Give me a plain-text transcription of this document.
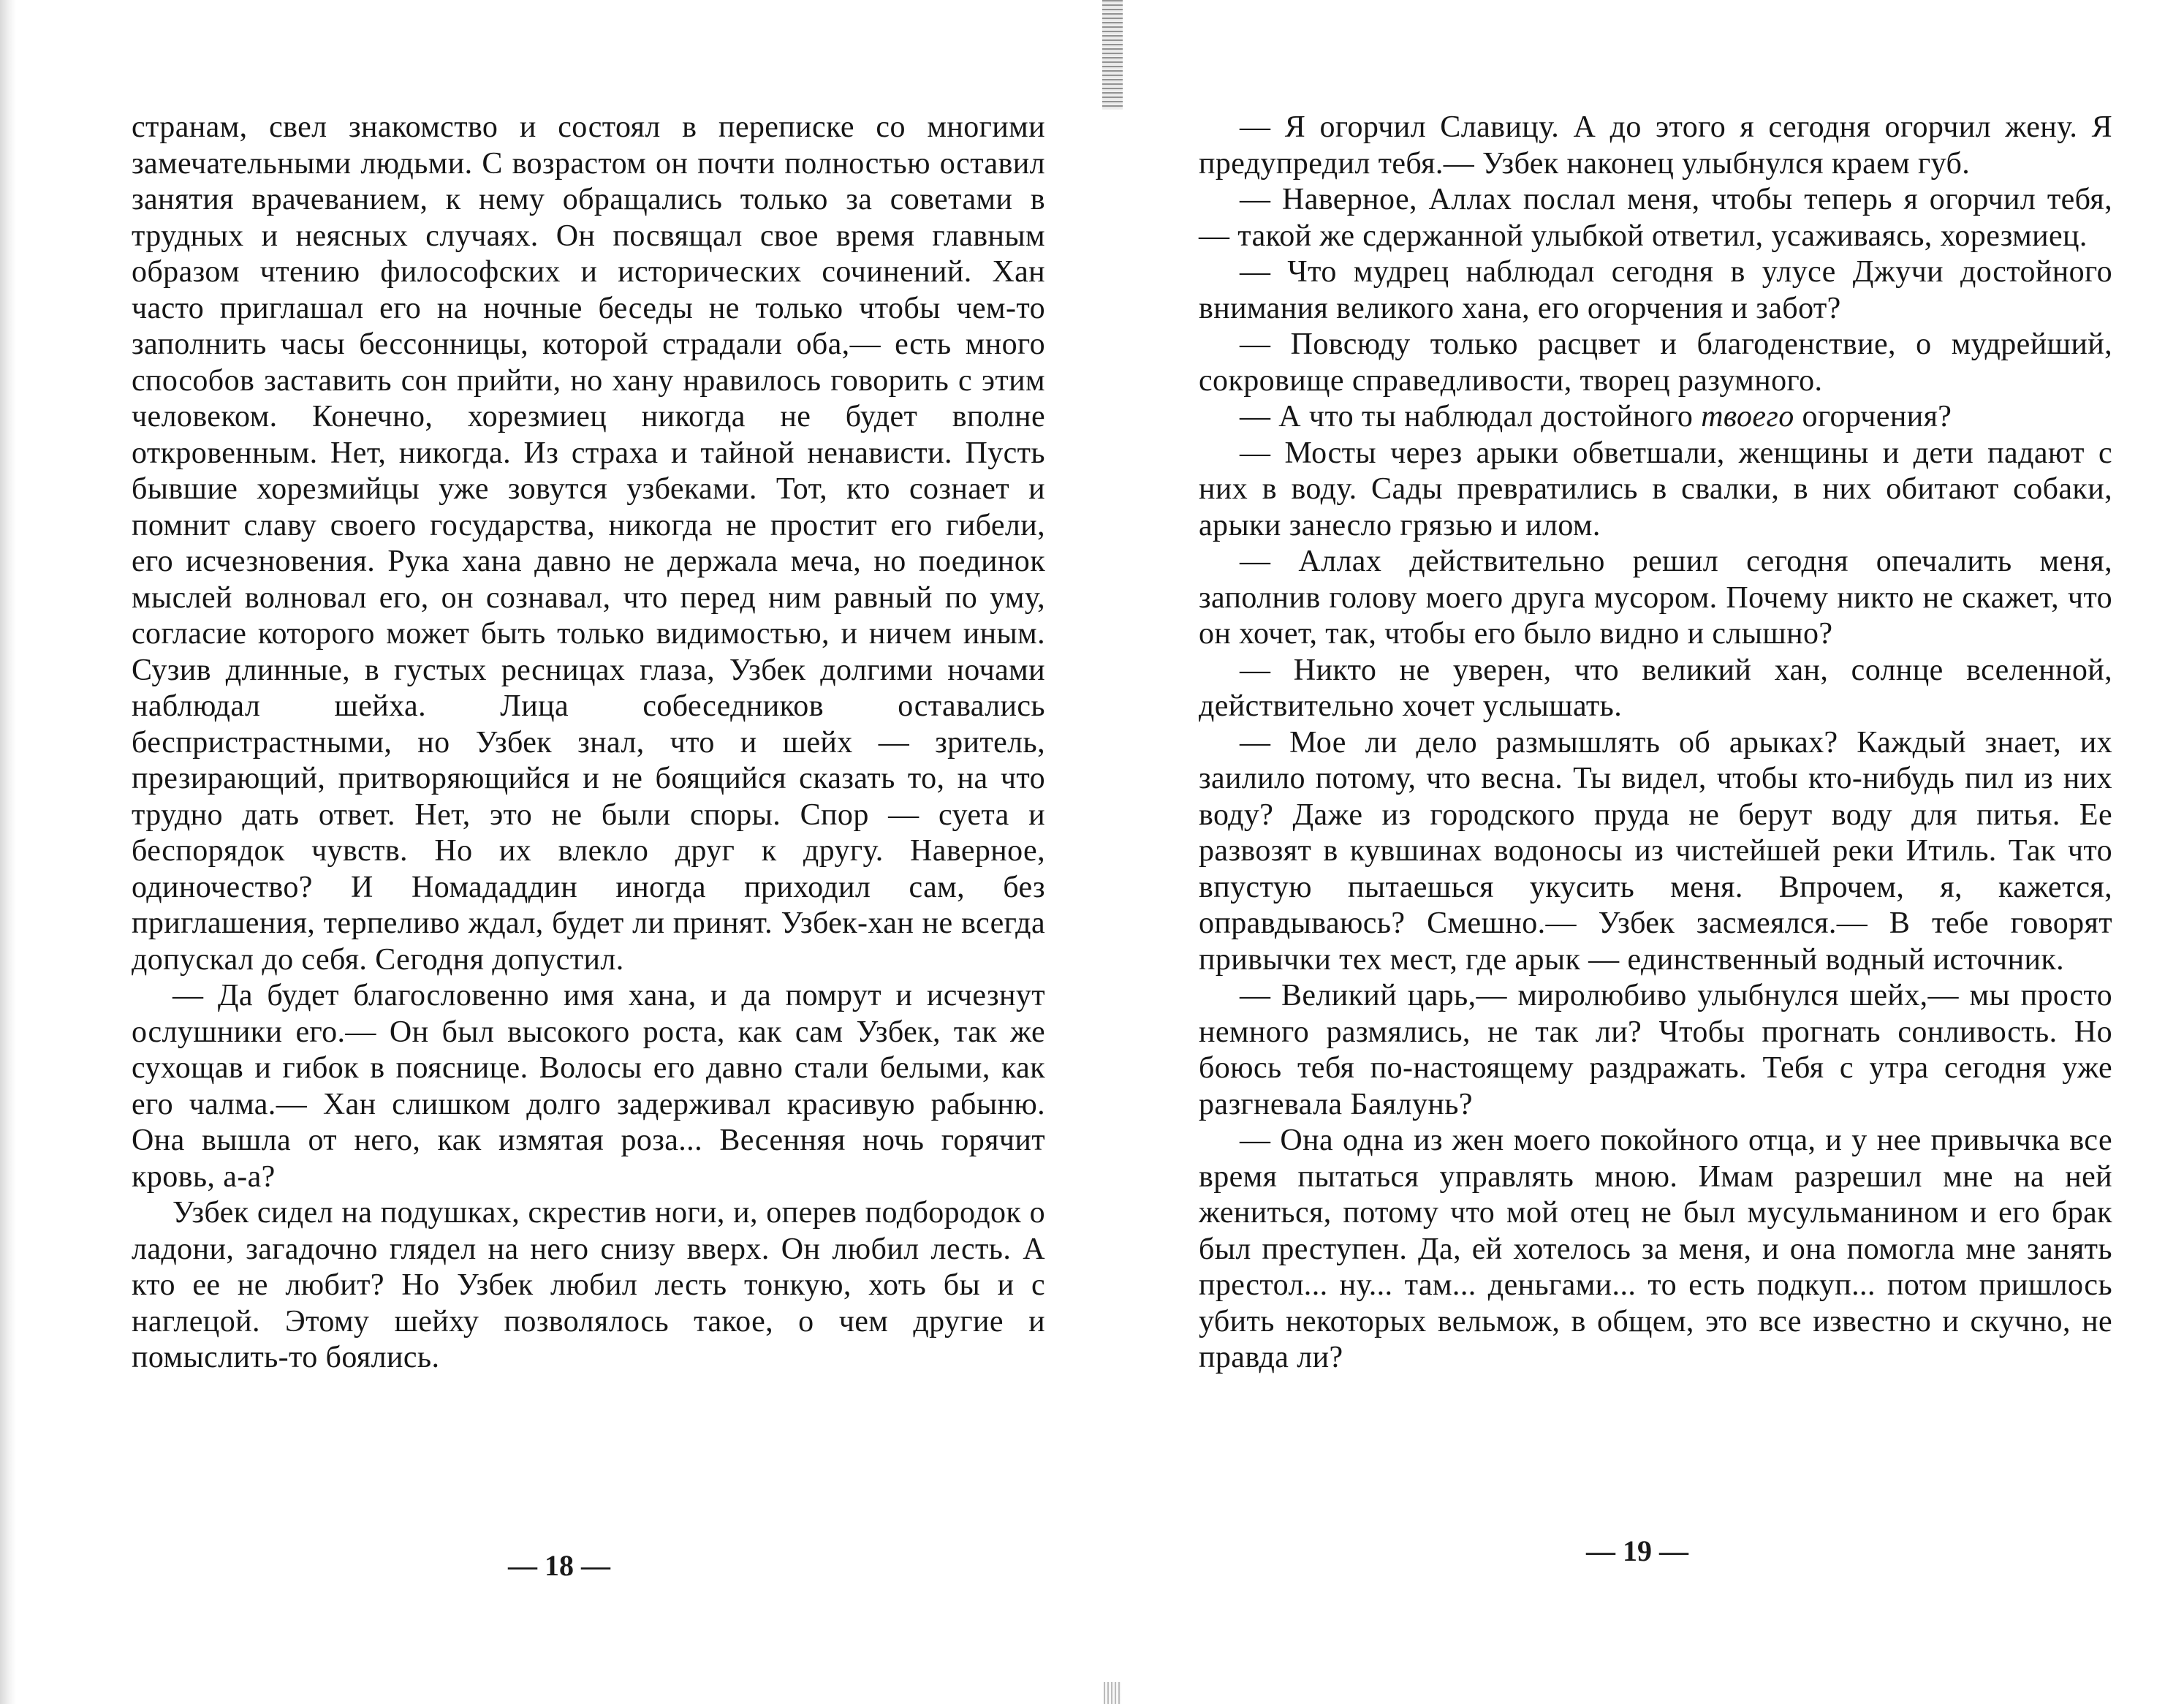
странам, свел знакомство и состоял в переписке со многими замечательными людьми. С возрастом он почти полностью оставил занятия врачеванием, к нему обращались только за советами в трудных и неясных случаях. Он посвящал свое время главным образом чтению философских и исторических сочинений. Хан часто приглашал его на ночные беседы не только чтобы чем-то заполнить часы бессонницы, которой страдали оба,— есть много способов заставить сон прийти, но хану нравилось говорить с этим человеком. Конечно, хорезмиец никогда не будет вполне откровенным. Нет, никогда. Из страха и тайной ненависти. Пусть бывшие хорезмийцы уже зовутся узбеками. Тот, кто сознает и помнит славу своего государства, никогда не простит его гибели, его исчезновения. Рука хана давно не держала меча, но поединок мыслей волновал его, он сознавал, что перед ним равный по уму, согласие которого может быть только видимостью, и ничем иным. Сузив длинные, в густых ресницах глаза, Узбек долгими ночами наблюдал шейха. Лица собеседников оставались беспристрастными, но Узбек знал, что и шейх — зритель, презирающий, притворяющийся и не боящийся сказать то, на что трудно дать ответ. Нет, это не были споры. Спор — суета и беспорядок чувств. Но их влекло друг к другу. Наверное, одиночество? И Номададдин иногда приходил сам, без приглашения, терпеливо ждал, будет ли принят. Узбек-хан не всегда допускал до себя. Сегодня допустил.

— Да будет благословенно имя хана, и да помрут и исчезнут ослушники его.— Он был высокого роста, как сам Узбек, так же сухощав и гибок в пояснице. Волосы его давно стали белыми, как его чалма.— Хан слишком долго задерживал красивую рабыню. Она вышла от него, как измятая роза... Весенняя ночь горячит кровь, а-а?

Узбек сидел на подушках, скрестив ноги, и, оперев подбородок о ладони, загадочно глядел на него снизу вверх. Он любил лесть. А кто ее не любит? Но Узбек любил лесть тонкую, хоть бы и с наглецой. Этому шейху позволялось такое, о чем другие и помыслить-то боялись.

— 18 —

— Я огорчил Славицу. А до этого я сегодня огорчил жену. Я предупредил тебя.— Узбек наконец улыбнулся краем губ.

— Наверное, Аллах послал меня, чтобы теперь я огорчил тебя,— такой же сдержанной улыбкой ответил, усаживаясь, хорезмиец.

— Что мудрец наблюдал сегодня в улусе Джучи достойного внимания великого хана, его огорчения и забот?

— Повсюду только расцвет и благоденствие, о мудрейший, сокровище справедливости, творец разумного.

— А что ты наблюдал достойного твоего огорчения?

— Мосты через арыки обветшали, женщины и дети падают с них в воду. Сады превратились в свалки, в них обитают собаки, арыки занесло грязью и илом.

— Аллах действительно решил сегодня опечалить меня, заполнив голову моего друга мусором. Почему никто не скажет, что он хочет, так, чтобы его было видно и слышно?

— Никто не уверен, что великий хан, солнце вселенной, действительно хочет услышать.

— Мое ли дело размышлять об арыках? Каждый знает, их заилило потому, что весна. Ты видел, чтобы кто-нибудь пил из них воду? Даже из городского пруда не берут воду для питья. Ее развозят в кувшинах водоносы из чистейшей реки Итиль. Так что впустую пытаешься укусить меня. Впрочем, я, кажется, оправдываюсь? Смешно.— Узбек засмеялся.— В тебе говорят привычки тех мест, где арык — единственный водный источник.

— Великий царь,— миролюбиво улыбнулся шейх,— мы просто немного размялись, не так ли? Чтобы прогнать сонливость. Но боюсь тебя по-настоящему раздражать. Тебя с утра сегодня уже разгневала Баялунь?

— Она одна из жен моего покойного отца, и у нее привычка все время пытаться управлять мною. Имам разрешил мне на ней жениться, потому что мой отец не был мусульманином и его брак был преступен. Да, ей хотелось за меня, и она помогла мне занять престол... ну... там... деньгами... то есть подкуп... потом пришлось убить некоторых вельмож, в общем, это все известно и скучно, не правда ли?

— 19 —
